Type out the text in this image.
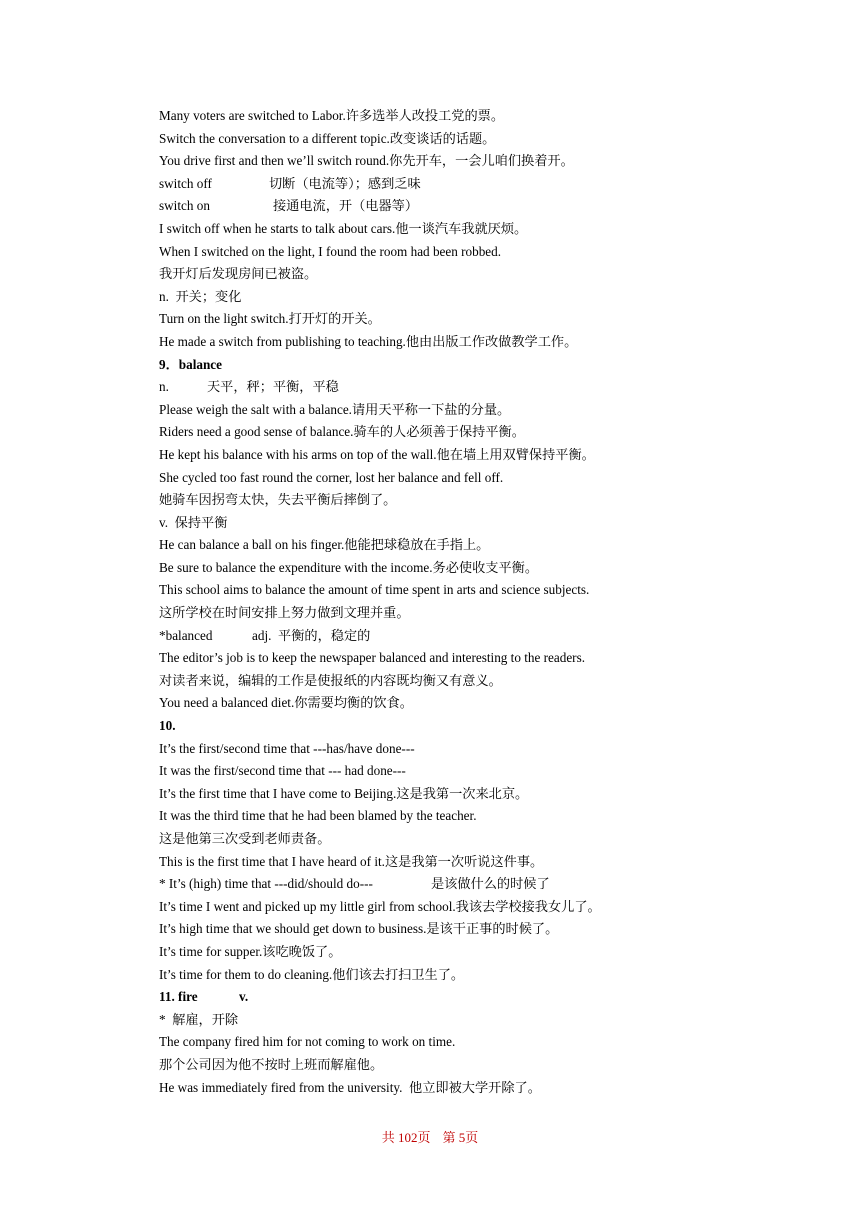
Many voters are switched to Labor.许多选举人改投工党的票。
Switch the conversation to a different topic.改变谈话的话题。
You drive first and then we’ll switch round.你先开车，一会儿咱们换着开。
switch off	切断（电流等）；感到乏味
switch on	接通电流，开（电器等）
I switch off when he starts to talk about cars.他一谈汽车我就厌烦。
When I switched on the light, I found the room had been robbed.
我开灯后发现房间已被盗。
n.  开关；变化
Turn on the light switch.打开灯的开关。
He made a switch from publishing to teaching.他由出版工作改做教学工作。
9．balance
n.	天平，秤；平衡，平稳
Please weigh the salt with a balance.请用天平称一下盐的分量。
Riders need a good sense of balance.骑车的人必须善于保持平衡。
He kept his balance with his arms on top of the wall.他在墙上用双臂保持平衡。
She cycled too fast round the corner, lost her balance and fell off.
她骑车因拐弯太快，失去平衡后摔倒了。
v.  保持平衡
He can balance a ball on his finger.他能把球稳放在手指上。
Be sure to balance the expenditure with the income.务必使收支平衡。
This school aims to balance the amount of time spent in arts and science subjects.
这所学校在时间安排上努力做到文理并重。
*balanced	adj.  平衡的，稳定的
The editor’s job is to keep the newspaper balanced and interesting to the readers.
对读者来说，编辑的工作是使报纸的内容既均衡又有意义。
You need a balanced diet.你需要均衡的饮食。
10.
It’s the first/second time that ---has/have done---
It was the first/second time that --- had done---
It’s the first time that I have come to Beijing.这是我第一次来北京。
It was the third time that he had been blamed by the teacher.
这是他第三次受到老师责备。
This is the first time that I have heard of it.这是我第一次听说这件事。
* It’s (high) time that ---did/should do---	是该做什么的时候了
It’s time I went and picked up my little girl from school.我该去学校接我女儿了。
It’s high time that we should get down to business.是该干正事的时候了。
It’s time for supper.该吃晚饭了。
It’s time for them to do cleaning.他们该去打扫卫生了。
11. fire	v.
*  解雇，开除
The company fired him for not coming to work on time.
那个公司因为他不按时上班而解雇他。
He was immediately fired from the university.  他立即被大学开除了。
共 102页 第 5页
